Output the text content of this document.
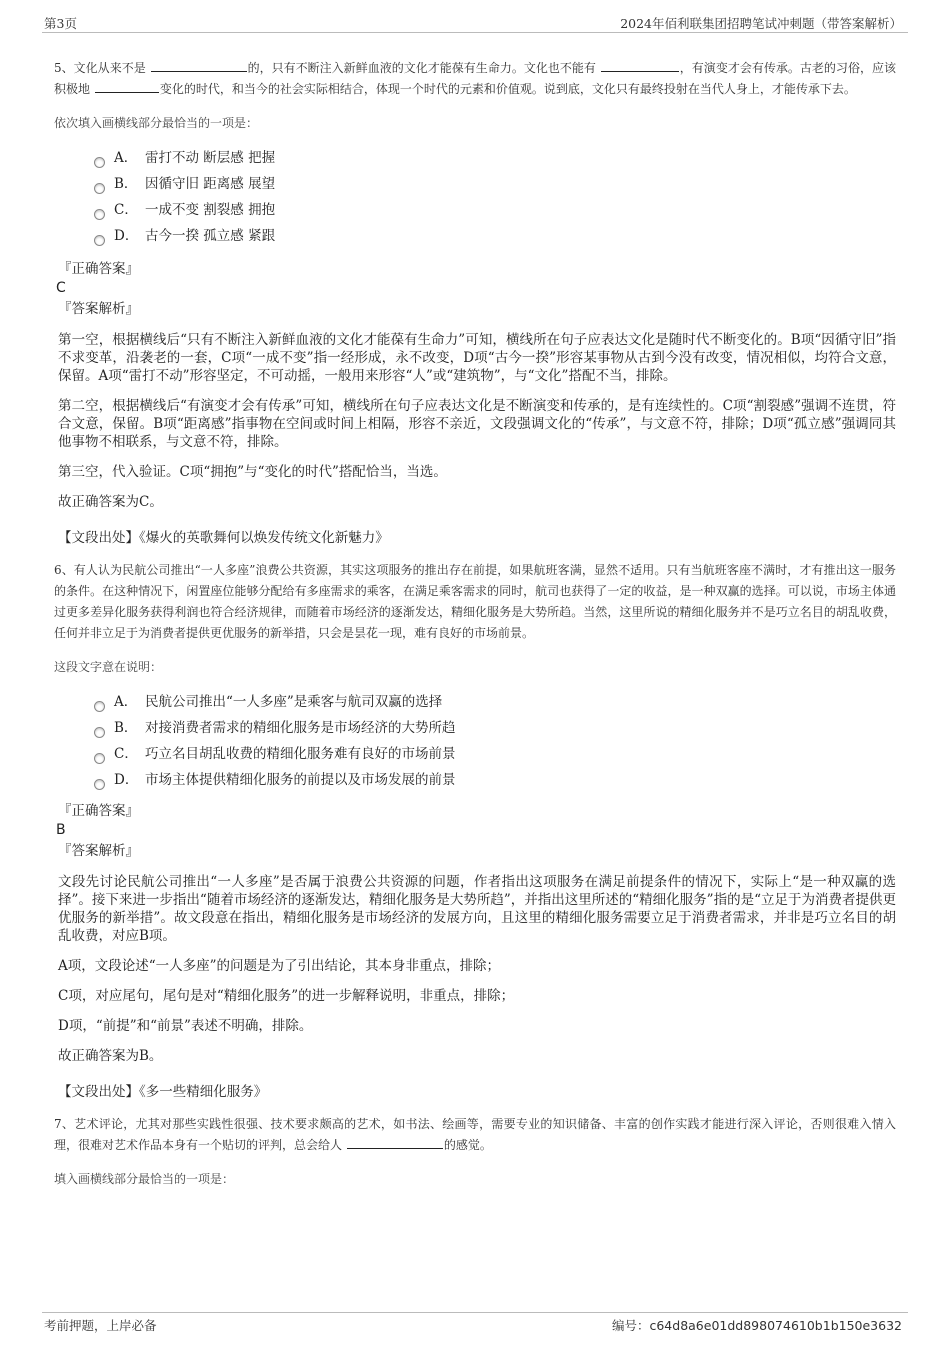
第3页	2024年佰利联集团招聘笔试冲刺题（带答案解析）

5、文化从来不是	的，只有不断注入新鲜血液的文化才能葆有生命力。文化也不能有	，有演变才会有传承。古老的习俗，应该积极地	变化的时代，和当今的社会实际相结合，体现一个时代的元素和价值观。说到底，文化只有最终投射在当代人身上，才能传承下去。

依次填入画横线部分最恰当的一项是：
A． 雷打不动 断层感 把握
B． 因循守旧 距离感 展望
C． 一成不变 割裂感 拥抱
D． 古今一揆 孤立感 紧跟
『正确答案』
C
『答案解析』

第一空，根据横线后“只有不断注入新鲜血液的文化才能葆有生命力”可知，横线所在句子应表达文化是随时代不断变化的。B项“因循守旧”指不求变革，沿袭老的一套，C项“一成不变”指一经形成，永不改变，D项“古今一揆”形容某事物从古到今没有改变，情况相似，均符合文意，保留。A项“雷打不动”形容坚定，不可动摇，一般用来形容“人”或“建筑物”，与“文化”搭配不当，排除。

第二空，根据横线后“有演变才会有传承”可知，横线所在句子应表达文化是不断演变和传承的，是有连续性的。C项“割裂感”强调不连贯，符合文意，保留。B项“距离感”指事物在空间或时间上相隔，形容不亲近，文段强调文化的“传承”，与文意不符，排除；D项“孤立感”强调同其他事物不相联系，与文意不符，排除。

第三空，代入验证。C项“拥抱”与“变化的时代”搭配恰当，当选。

故正确答案为C。

【文段出处】《爆火的英歌舞何以焕发传统文化新魅力》

6、有人认为民航公司推出“一人多座”浪费公共资源，其实这项服务的推出存在前提，如果航班客满，显然不适用。只有当航班客座不满时，才有推出这一服务的条件。在这种情况下，闲置座位能够分配给有多座需求的乘客，在满足乘客需求的同时，航司也获得了一定的收益，是一种双赢的选择。可以说，市场主体通过更多差异化服务获得利润也符合经济规律，而随着市场经济的逐渐发达，精细化服务是大势所趋。当然，这里所说的精细化服务并不是巧立名目的胡乱收费，任何并非立足于为消费者提供更优服务的新举措，只会是昙花一现，难有良好的市场前景。

这段文字意在说明：
A． 民航公司推出“一人多座”是乘客与航司双赢的选择
B． 对接消费者需求的精细化服务是市场经济的大势所趋
C． 巧立名目胡乱收费的精细化服务难有良好的市场前景
D． 市场主体提供精细化服务的前提以及市场发展的前景
『正确答案』
B
『答案解析』

文段先讨论民航公司推出“一人多座”是否属于浪费公共资源的问题，作者指出这项服务在满足前提条件的情况下，实际上“是一种双赢的选择”。接下来进一步指出“随着市场经济的逐渐发达，精细化服务是大势所趋”，并指出这里所述的“精细化服务”指的是“立足于为消费者提供更优服务的新举措”。故文段意在指出，精细化服务是市场经济的发展方向，且这里的精细化服务需要立足于消费者需求，并非是巧立名目的胡乱收费，对应B项。

A项，文段论述“一人多座”的问题是为了引出结论，其本身非重点，排除；

C项，对应尾句，尾句是对“精细化服务”的进一步解释说明，非重点，排除；

D项，“前提”和“前景”表述不明确，排除。

故正确答案为B。

【文段出处】《多一些精细化服务》

7、艺术评论，尤其对那些实践性很强、技术要求颇高的艺术，如书法、绘画等，需要专业的知识储备、丰富的创作实践才能进行深入评论，否则很难入情入理，很难对艺术作品本身有一个贴切的评判，总会给人	的感觉。

填入画横线部分最恰当的一项是：
考前押题，上岸必备	编号：c64d8a6e01dd898074610b1b150e3632
